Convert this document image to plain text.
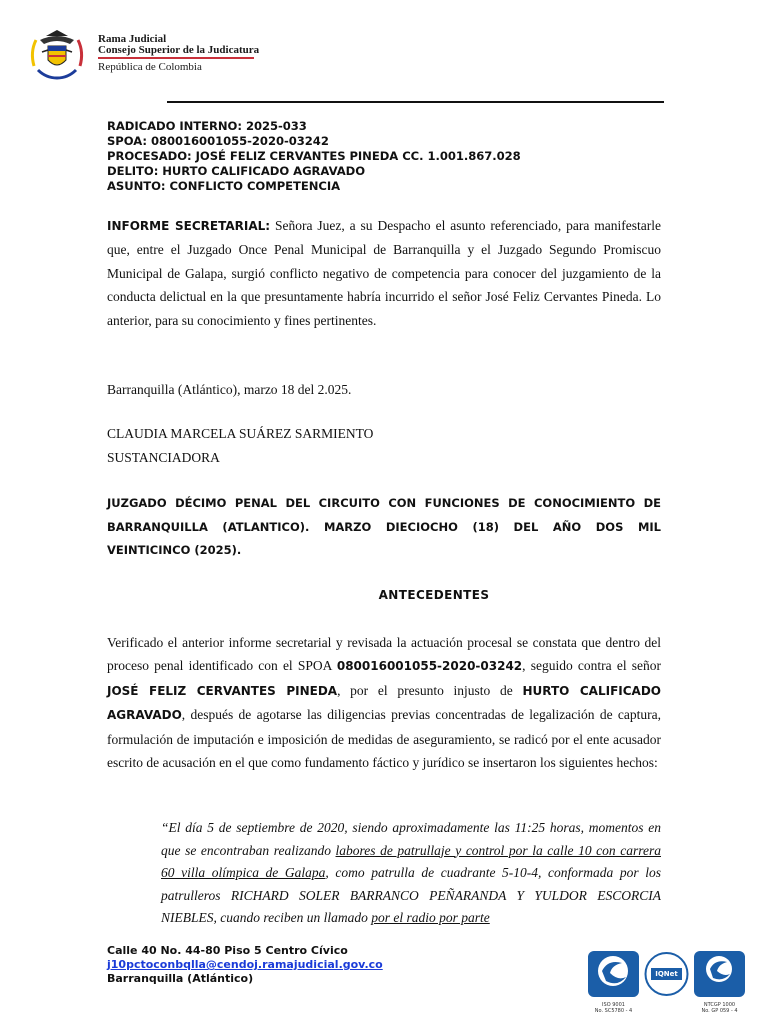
Rama Judicial
Consejo Superior de la Judicatura
República de Colombia
RADICADO INTERNO: 2025-033
SPOA: 080016001055-2020-03242
PROCESADO: JOSÉ FELIZ CERVANTES PINEDA CC. 1.001.867.028
DELITO: HURTO CALIFICADO AGRAVADO
ASUNTO: CONFLICTO COMPETENCIA
INFORME SECRETARIAL: Señora Juez, a su Despacho el asunto referenciado, para manifestarle que, entre el Juzgado Once Penal Municipal de Barranquilla y el Juzgado Segundo Promiscuo Municipal de Galapa, surgió conflicto negativo de competencia para conocer del juzgamiento de la conducta delictual en la que presuntamente habría incurrido el señor José Feliz Cervantes Pineda. Lo anterior, para su conocimiento y fines pertinentes.
Barranquilla (Atlántico), marzo 18 del 2.025.
CLAUDIA MARCELA SUÁREZ SARMIENTO
SUSTANCIADORA
JUZGADO DÉCIMO PENAL DEL CIRCUITO CON FUNCIONES DE CONOCIMIENTO DE BARRANQUILLA (ATLANTICO). MARZO DIECIOCHO (18) DEL AÑO DOS MIL VEINTICINCO (2025).
ANTECEDENTES
Verificado el anterior informe secretarial y revisada la actuación procesal se constata que dentro del proceso penal identificado con el SPOA 080016001055-2020-03242, seguido contra el señor JOSÉ FELIZ CERVANTES PINEDA, por el presunto injusto de HURTO CALIFICADO AGRAVADO, después de agotarse las diligencias previas concentradas de legalización de captura, formulación de imputación e imposición de medidas de aseguramiento, se radicó por el ente acusador escrito de acusación en el que como fundamento fáctico y jurídico se insertaron los siguientes hechos:
“El día 5 de septiembre de 2020, siendo aproximadamente las 11:25 horas, momentos en que se encontraban realizando labores de patrullaje y control por la calle 10 con carrera 60 villa olímpica de Galapa, como patrulla de cuadrante 5-10-4, conformada por los patrulleros RICHARD SOLER BARRANCO PEÑARANDA Y YULDOR ESCORCIA NIEBLES, cuando reciben un llamado por el radio por parte
Calle 40 No. 44-80 Piso 5 Centro Cívico
j10pctoconbqlla@cendoj.ramajudicial.gov.co
Barranquilla (Atlántico)
ISO 9001
No. SC5780 - 4
IQNet
NTCGP 1000
No. GP 059 - 4
